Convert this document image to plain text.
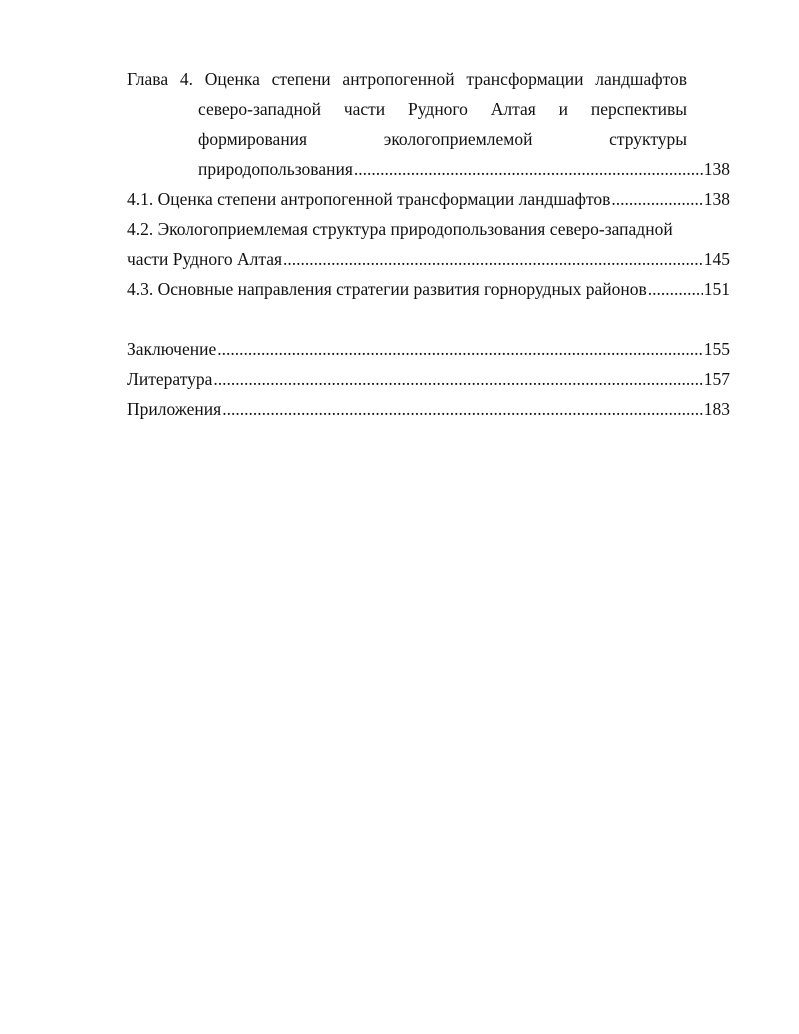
Глава 4. Оценка степени антропогенной трансформации ландшафтов
северо-западной части Рудного Алтая и перспективы
формирования экологоприемлемой структуры
природопользования .....	138
4.1. Оценка степени антропогенной трансформации ландшафтов .....	138
4.2. Экологоприемлемая структура природопользования северо-западной
части Рудного Алтая .....	145
4.3. Основные направления стратегии развития горнорудных районов .....	151
Заключение .....	155
Литература .....	157
Приложения .....	183
